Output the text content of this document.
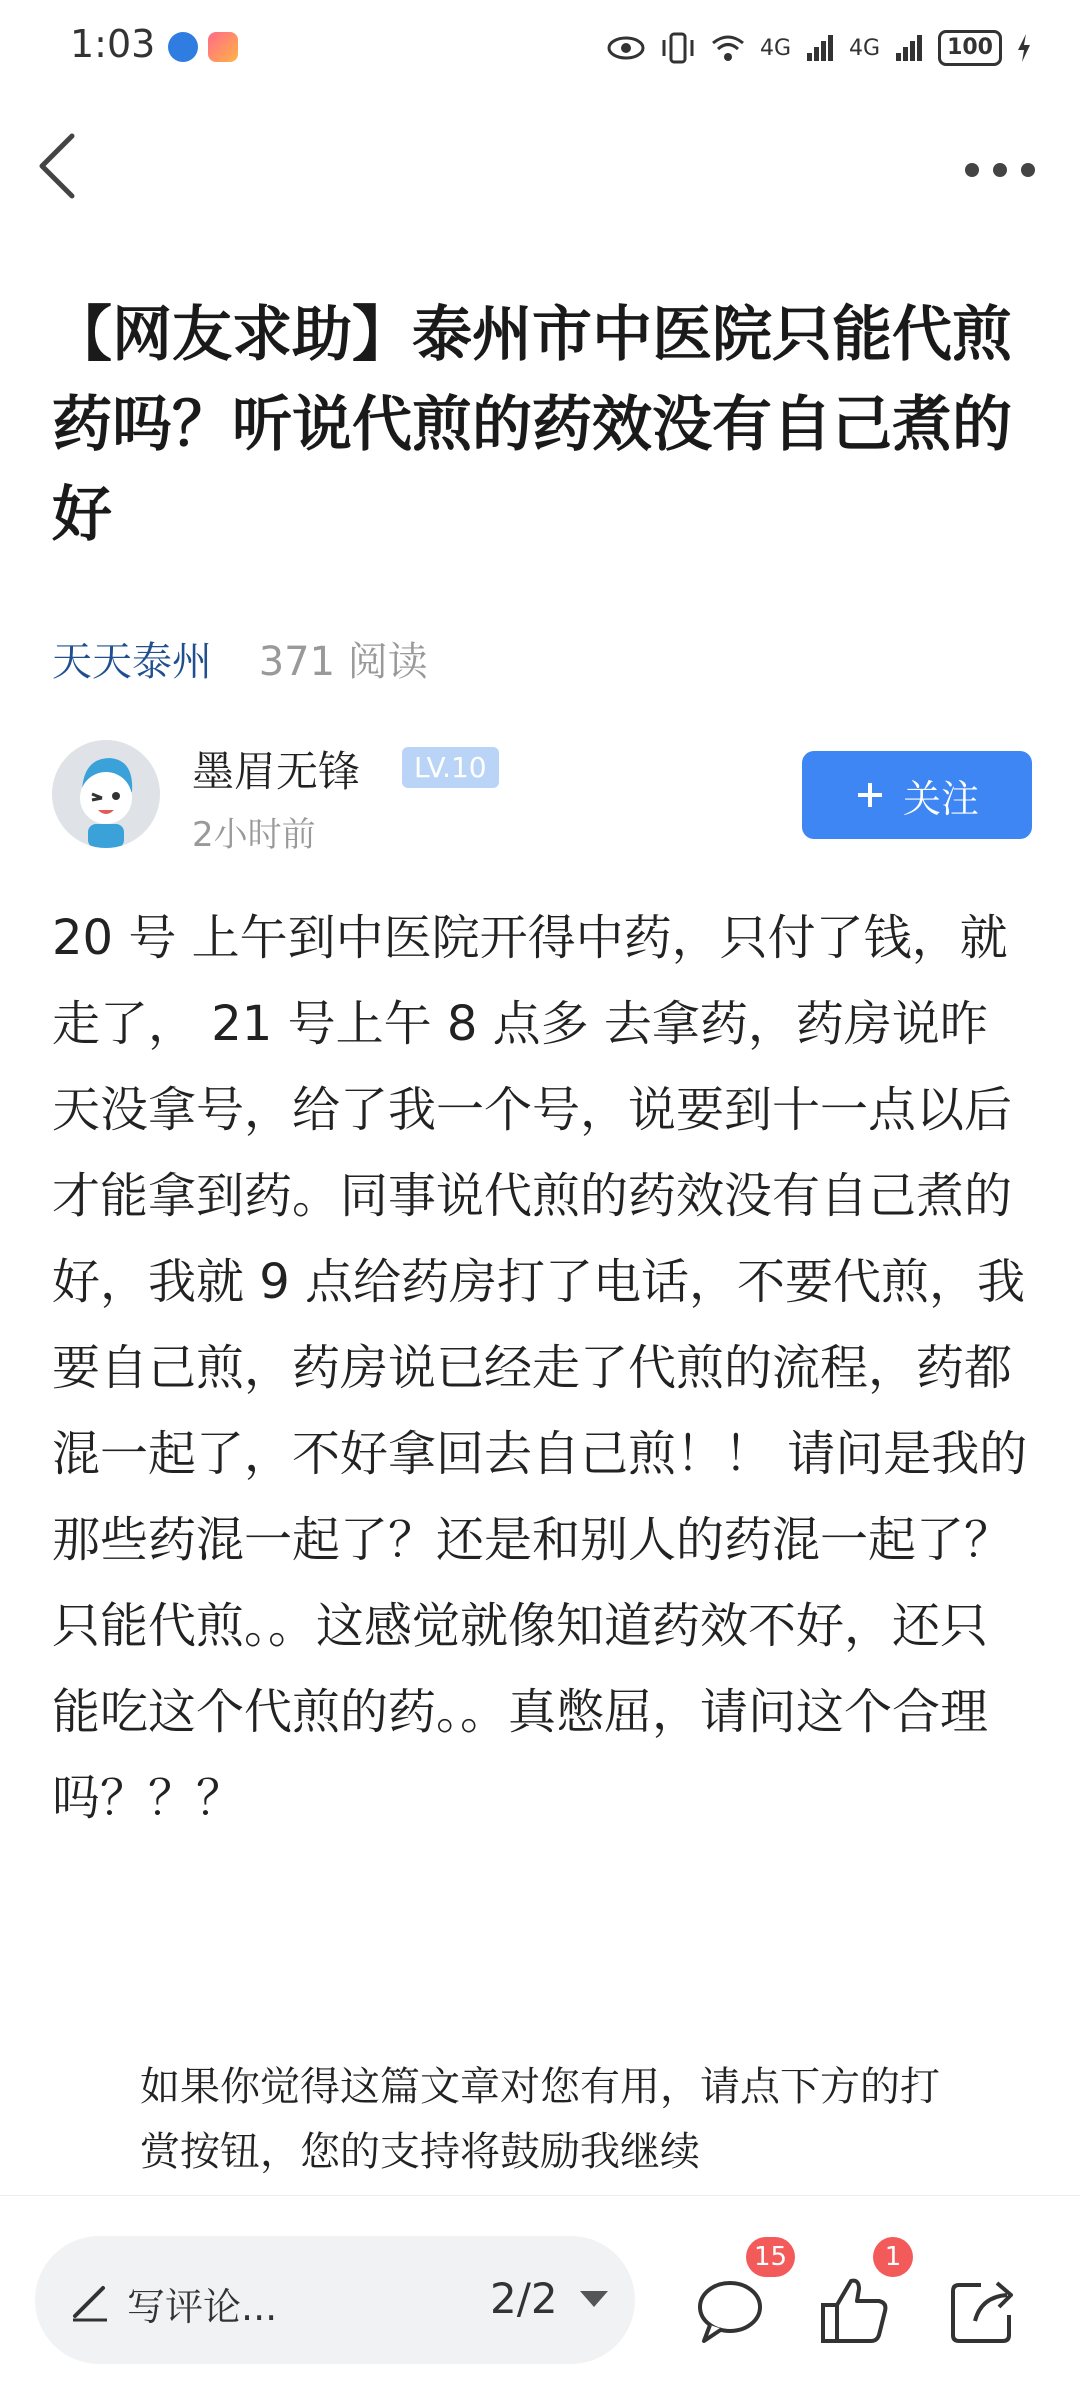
1:03	4G	4G	100
【网友求助】泰州市中医院只能代煎药吗？听说代煎的药效没有自己煮的好
天天泰州 371 阅读
墨眉无锋	LV.10
2小时前
关注

20 号 上午到中医院开得中药，只付了钱，就走了， 21 号上午 8 点多 去拿药，药房说昨天没拿号，给了我一个号，说要到十一点以后才能拿到药。同事说代煎的药效没有自己煮的好，我就 9 点给药房打了电话，不要代煎，我要自己煎，药房说已经走了代煎的流程，药都混一起了，不好拿回去自己煎！！ 请问是我的那些药混一起了？还是和别人的药混一起了？只能代煎。。这感觉就像知道药效不好，还只能吃这个代煎的药。。真憋屈，请问这个合理吗？？？

如果你觉得这篇文章对您有用，请点下方的打赏按钮，您的支持将鼓励我继续

写评论...	2/2
15	1
